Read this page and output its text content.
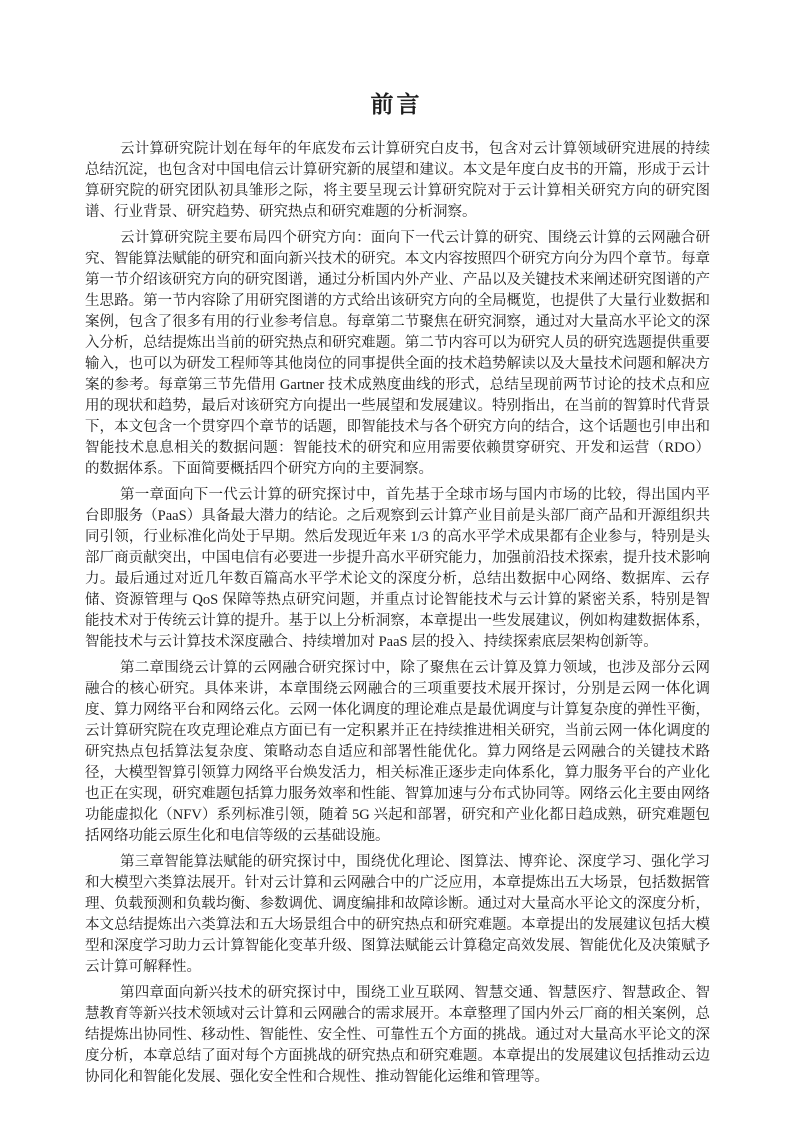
前言

云计算研究院计划在每年的年底发布云计算研究白皮书，包含对云计算领域研究进展的持续总结沉淀，也包含对中国电信云计算研究新的展望和建议。本文是年度白皮书的开篇，形成于云计算研究院的研究团队初具雏形之际，将主要呈现云计算研究院对于云计算相关研究方向的研究图谱、行业背景、研究趋势、研究热点和研究难题的分析洞察。

云计算研究院主要布局四个研究方向：面向下一代云计算的研究、围绕云计算的云网融合研究、智能算法赋能的研究和面向新兴技术的研究。本文内容按照四个研究方向分为四个章节。每章第一节介绍该研究方向的研究图谱，通过分析国内外产业、产品以及关键技术来阐述研究图谱的产生思路。第一节内容除了用研究图谱的方式给出该研究方向的全局概览，也提供了大量行业数据和案例，包含了很多有用的行业参考信息。每章第二节聚焦在研究洞察，通过对大量高水平论文的深入分析，总结提炼出当前的研究热点和研究难题。第二节内容可以为研究人员的研究选题提供重要输入，也可以为研发工程师等其他岗位的同事提供全面的技术趋势解读以及大量技术问题和解决方案的参考。每章第三节先借用 Gartner 技术成熟度曲线的形式，总结呈现前两节讨论的技术点和应用的现状和趋势，最后对该研究方向提出一些展望和发展建议。特别指出，在当前的智算时代背景下，本文包含一个贯穿四个章节的话题，即智能技术与各个研究方向的结合，这个话题也引申出和智能技术息息相关的数据问题：智能技术的研究和应用需要依赖贯穿研究、开发和运营（RDO）的数据体系。下面简要概括四个研究方向的主要洞察。

第一章面向下一代云计算的研究探讨中，首先基于全球市场与国内市场的比较，得出国内平台即服务（PaaS）具备最大潜力的结论。之后观察到云计算产业目前是头部厂商产品和开源组织共同引领，行业标准化尚处于早期。然后发现近年来 1/3 的高水平学术成果都有企业参与，特别是头部厂商贡献突出，中国电信有必要进一步提升高水平研究能力，加强前沿技术探索，提升技术影响力。最后通过对近几年数百篇高水平学术论文的深度分析，总结出数据中心网络、数据库、云存储、资源管理与 QoS 保障等热点研究问题，并重点讨论智能技术与云计算的紧密关系，特别是智能技术对于传统云计算的提升。基于以上分析洞察，本章提出一些发展建议，例如构建数据体系，智能技术与云计算技术深度融合、持续增加对 PaaS 层的投入、持续探索底层架构创新等。

第二章围绕云计算的云网融合研究探讨中，除了聚焦在云计算及算力领域，也涉及部分云网融合的核心研究。具体来讲，本章围绕云网融合的三项重要技术展开探讨，分别是云网一体化调度、算力网络平台和网络云化。云网一体化调度的理论难点是最优调度与计算复杂度的弹性平衡，云计算研究院在攻克理论难点方面已有一定积累并正在持续推进相关研究，当前云网一体化调度的研究热点包括算法复杂度、策略动态自适应和部署性能优化。算力网络是云网融合的关键技术路径，大模型智算引领算力网络平台焕发活力，相关标准正逐步走向体系化，算力服务平台的产业化也正在实现，研究难题包括算力服务效率和性能、智算加速与分布式协同等。网络云化主要由网络功能虚拟化（NFV）系列标准引领，随着 5G 兴起和部署，研究和产业化都日趋成熟，研究难题包括网络功能云原生化和电信等级的云基础设施。

第三章智能算法赋能的研究探讨中，围绕优化理论、图算法、博弈论、深度学习、强化学习和大模型六类算法展开。针对云计算和云网融合中的广泛应用，本章提炼出五大场景，包括数据管理、负载预测和负载均衡、参数调优、调度编排和故障诊断。通过对大量高水平论文的深度分析，本文总结提炼出六类算法和五大场景组合中的研究热点和研究难题。本章提出的发展建议包括大模型和深度学习助力云计算智能化变革升级、图算法赋能云计算稳定高效发展、智能优化及决策赋予云计算可解释性。

第四章面向新兴技术的研究探讨中，围绕工业互联网、智慧交通、智慧医疗、智慧政企、智慧教育等新兴技术领域对云计算和云网融合的需求展开。本章整理了国内外云厂商的相关案例，总结提炼出协同性、移动性、智能性、安全性、可靠性五个方面的挑战。通过对大量高水平论文的深度分析，本章总结了面对每个方面挑战的研究热点和研究难题。本章提出的发展建议包括推动云边协同化和智能化发展、强化安全性和合规性、推动智能化运维和管理等。
